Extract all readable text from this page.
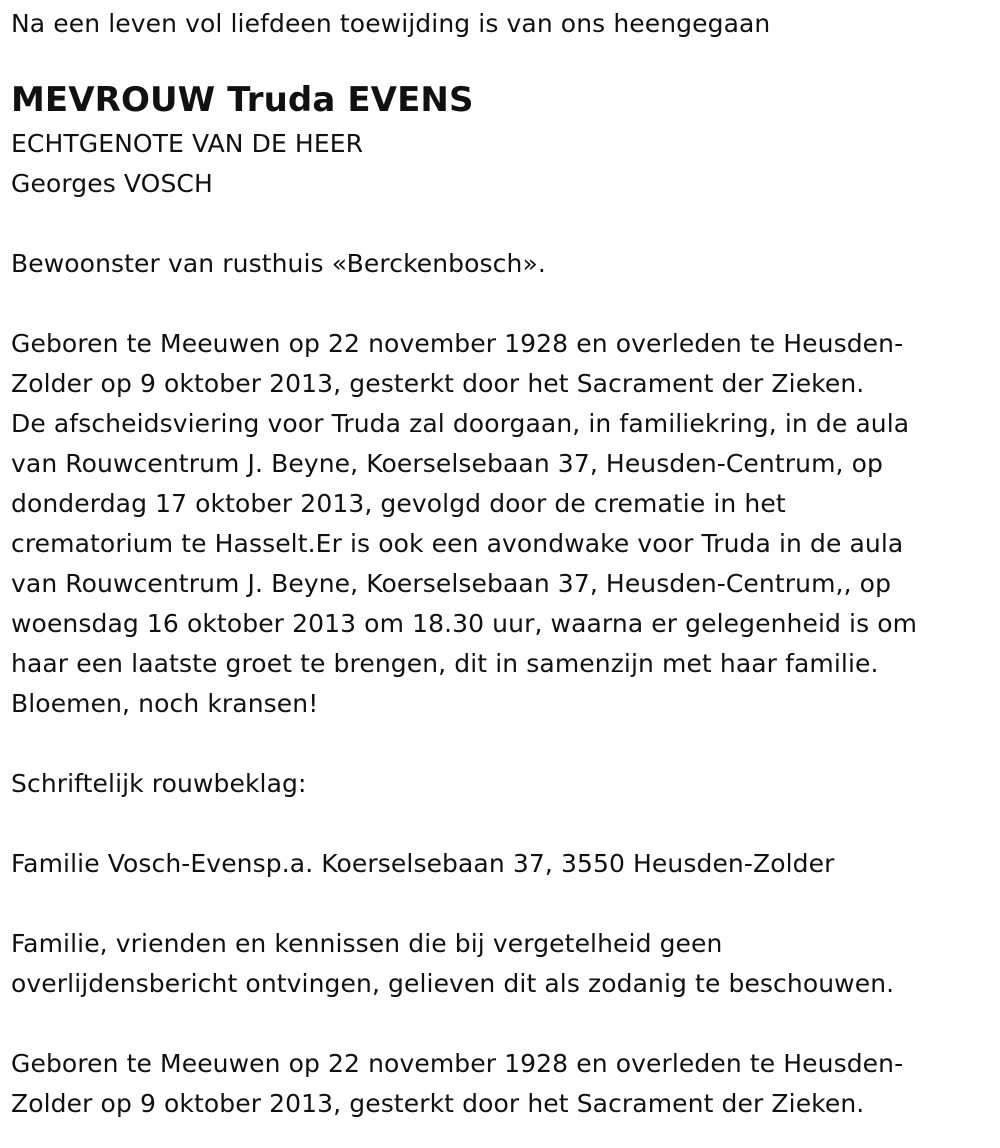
Na een leven vol liefdeen toewijding is van ons heengegaan
MEVROUW Truda EVENS
ECHTGENOTE VAN DE HEER
Georges VOSCH
Bewoonster van rusthuis «Berckenbosch».
Geboren te Meeuwen op 22 november 1928 en overleden te Heusden-
Zolder op 9 oktober 2013, gesterkt door het Sacrament der Zieken.
De afscheidsviering voor Truda zal doorgaan, in familiekring, in de aula
van Rouwcentrum J. Beyne, Koerselsebaan 37, Heusden-Centrum, op
donderdag 17 oktober 2013, gevolgd door de crematie in het
crematorium te Hasselt.Er is ook een avondwake voor Truda in de aula
van Rouwcentrum J. Beyne, Koerselsebaan 37, Heusden-Centrum,, op
woensdag 16 oktober 2013 om 18.30 uur, waarna er gelegenheid is om
haar een laatste groet te brengen, dit in samenzijn met haar familie.
Bloemen, noch kransen!
Schriftelijk rouwbeklag:
Familie Vosch-Evensp.a. Koerselsebaan 37, 3550 Heusden-Zolder
Familie, vrienden en kennissen die bij vergetelheid geen
overlijdensbericht ontvingen, gelieven dit als zodanig te beschouwen.
Geboren te Meeuwen op 22 november 1928 en overleden te Heusden-
Zolder op 9 oktober 2013, gesterkt door het Sacrament der Zieken.
